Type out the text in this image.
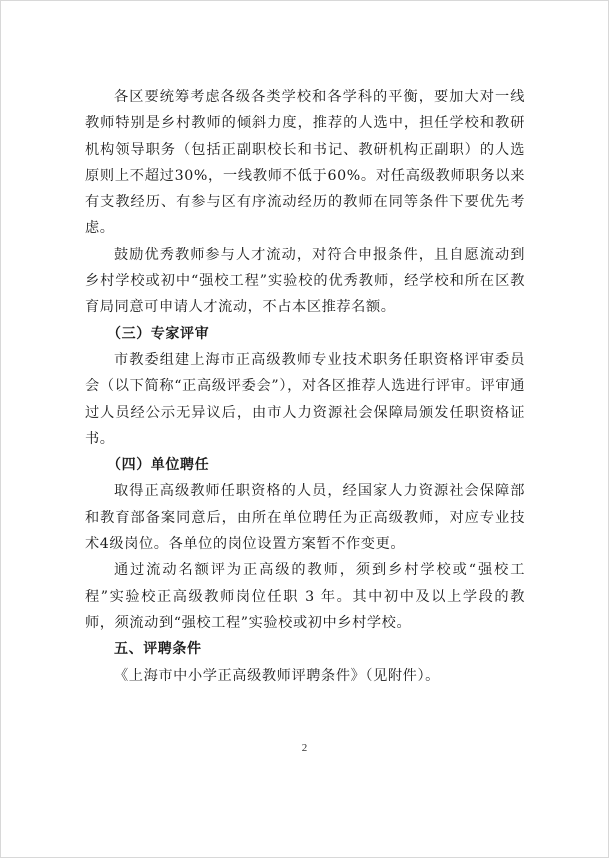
各区要统筹考虑各级各类学校和各学科的平衡，要加大对一线教师特别是乡村教师的倾斜力度，推荐的人选中，担任学校和教研机构领导职务（包括正副职校长和书记、教研机构正副职）的人选原则上不超过30%，一线教师不低于60%。对任高级教师职务以来有支教经历、有参与区有序流动经历的教师在同等条件下要优先考虑。

鼓励优秀教师参与人才流动，对符合申报条件，且自愿流动到乡村学校或初中“强校工程”实验校的优秀教师，经学校和所在区教育局同意可申请人才流动，不占本区推荐名额。

（三）专家评审

市教委组建上海市正高级教师专业技术职务任职资格评审委员会（以下简称“正高级评委会”），对各区推荐人选进行评审。评审通过人员经公示无异议后，由市人力资源社会保障局颁发任职资格证书。

（四）单位聘任

取得正高级教师任职资格的人员，经国家人力资源社会保障部和教育部备案同意后，由所在单位聘任为正高级教师，对应专业技术4级岗位。各单位的岗位设置方案暂不作变更。

通过流动名额评为正高级的教师，须到乡村学校或“强校工程”实验校正高级教师岗位任职 3 年。其中初中及以上学段的教师，须流动到“强校工程”实验校或初中乡村学校。

五、评聘条件

《上海市中小学正高级教师评聘条件》（见附件）。

2
